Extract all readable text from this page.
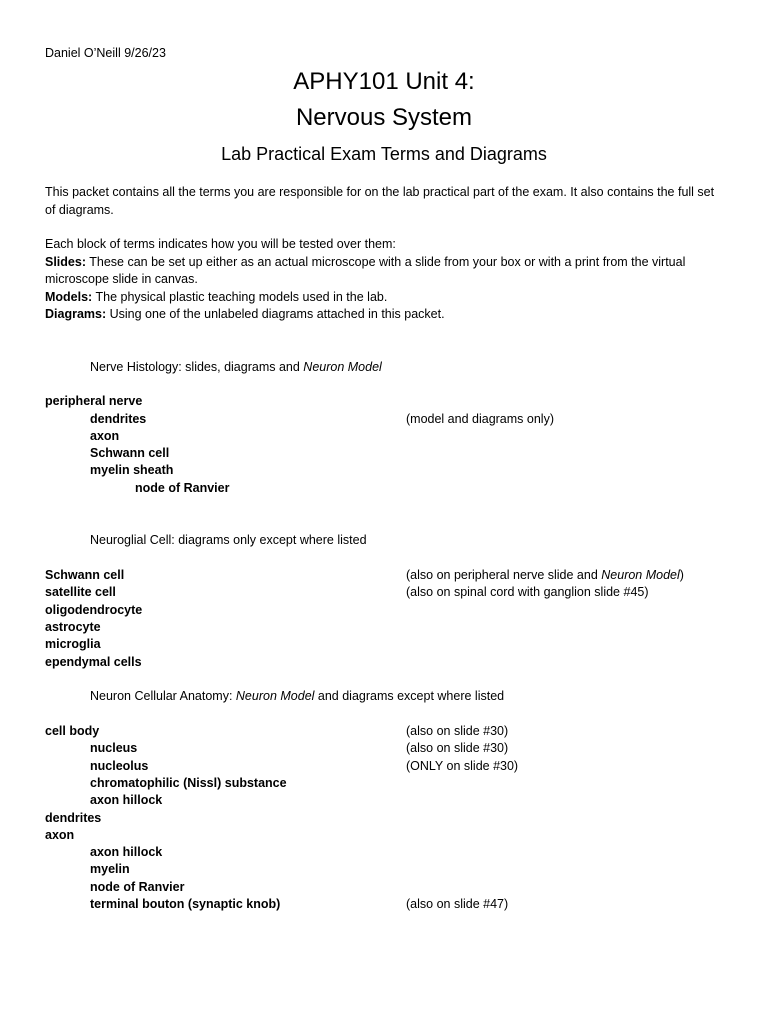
Daniel O’Neill 9/26/23
APHY101 Unit 4:
Nervous System
Lab Practical Exam Terms and Diagrams
This packet contains all the terms you are responsible for on the lab practical part of the exam. It also contains the full set of diagrams.
Each block of terms indicates how you will be tested over them:
Slides: These can be set up either as an actual microscope with a slide from your box or with a print from the virtual microscope slide in canvas.
Models: The physical plastic teaching models used in the lab.
Diagrams: Using one of the unlabeled diagrams attached in this packet.
Nerve Histology: slides, diagrams and Neuron Model
peripheral nerve
dendrites	(model and diagrams only)
axon
Schwann cell
myelin sheath
node of Ranvier
Neuroglial Cell: diagrams only except where listed
Schwann cell	(also on peripheral nerve slide and Neuron Model)
satellite cell	(also on spinal cord with ganglion slide #45)
oligodendrocyte
astrocyte
microglia
ependymal cells
Neuron Cellular Anatomy: Neuron Model and diagrams except where listed
cell body	(also on slide #30)
nucleus	(also on slide #30)
nucleolus	(ONLY on slide #30)
chromatophilic (Nissl) substance
axon hillock
dendrites
axon
axon hillock
myelin
node of Ranvier
terminal bouton (synaptic knob)	(also on slide #47)
